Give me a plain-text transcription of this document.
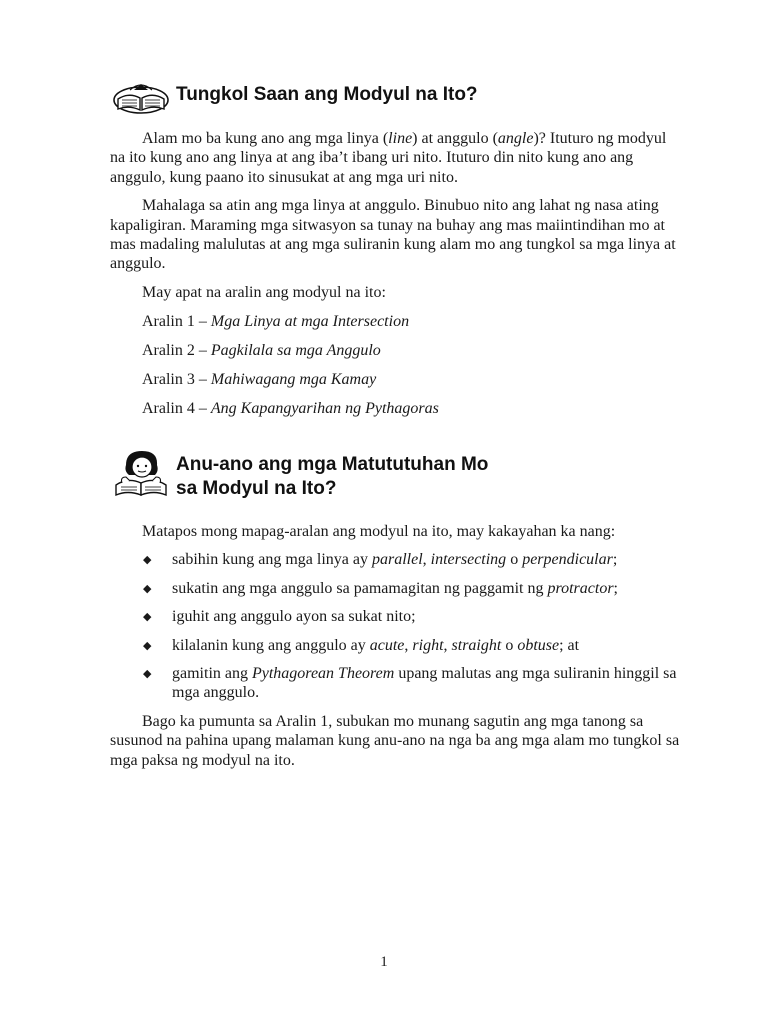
Tungkol Saan ang Modyul na Ito?

Alam mo ba kung ano ang mga linya (line) at anggulo (angle)? Ituturo ng modyul na ito kung ano ang linya at ang iba’t ibang uri nito. Ituturo din nito kung ano ang anggulo, kung paano ito sinusukat at ang mga uri nito.

Mahalaga sa atin ang mga linya at anggulo. Binubuo nito ang lahat ng nasa ating kapaligiran. Maraming mga sitwasyon sa tunay na buhay ang mas maiintindihan mo at mas madaling malulutas at ang mga suliranin kung alam mo ang tungkol sa mga linya at anggulo.

May apat na aralin ang modyul na ito:

Aralin 1 – Mga Linya at mga Intersection

Aralin 2 – Pagkilala sa mga Anggulo

Aralin 3 – Mahiwagang mga Kamay

Aralin 4 – Ang Kapangyarihan ng Pythagoras

Anu-ano ang mga Matututuhan Mo
sa Modyul na Ito?

Matapos mong mapag-aralan ang modyul na ito, may kakayahan ka nang:

◆ sabihin kung ang mga linya ay parallel, intersecting o perpendicular;
◆ sukatin ang mga anggulo sa pamamagitan ng paggamit ng protractor;
◆ iguhit ang anggulo ayon sa sukat nito;
◆ kilalanin kung ang anggulo ay acute, right, straight o obtuse; at
◆ gamitin ang Pythagorean Theorem upang malutas ang mga suliranin hinggil sa mga anggulo.

Bago ka pumunta sa Aralin 1, subukan mo munang sagutin ang mga tanong sa susunod na pahina upang malaman kung anu-ano na nga ba ang mga alam mo tungkol sa mga paksa ng modyul na ito.

1
